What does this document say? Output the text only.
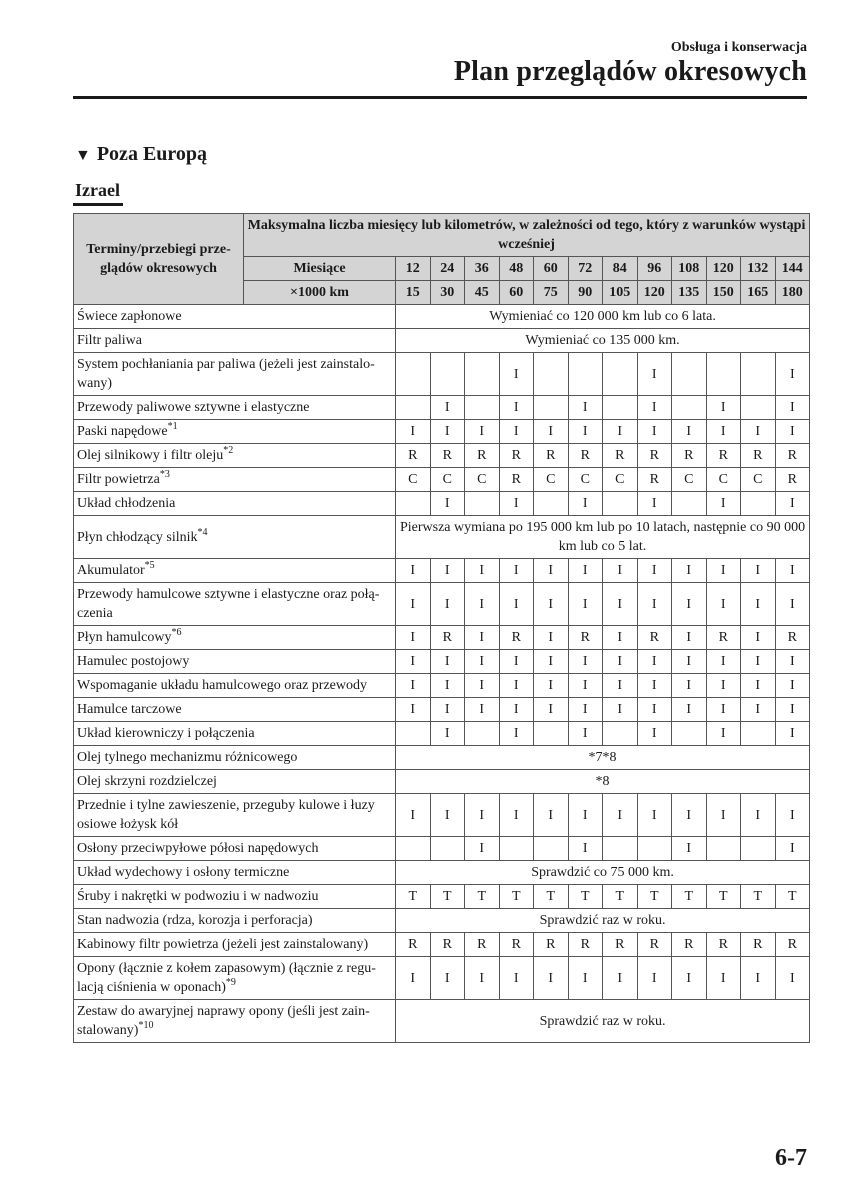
Obsługa i konserwacja
Plan przeglądów okresowych
▼ Poza Europą
Izrael
Terminy/przebiegi prze-glądów okresowych	Maksymalna liczba miesięcy lub kilometrów, w zależności od tego, który z warunków wystąpi wcześniej												
	Miesiące	12	24	36	48	60	72	84	96	108	120	132	144
	×1000 km	15	30	45	60	75	90	105	120	135	150	165	180
Świece zapłonowe		Wymieniać co 120 000 km lub co 6 lata.											
Filtr paliwa		Wymieniać co 135 000 km.											
System pochłaniania par paliwa (jeżeli jest zainstalo-wany)					I				I				I
Przewody paliwowe sztywne i elastyczne			I		I		I		I		I		I
Paski napędowe$^{*1}$		I	I	I	I	I	I	I	I	I	I	I	I
Olej silnikowy i filtr oleju$^{*2}$		R	R	R	R	R	R	R	R	R	R	R	R
Filtr powietrza$^{*3}$		C	C	C	R	C	C	C	R	C	C	C	R
Układ chłodzenia			I		I		I		I		I		I
Płyn chłodzący silnik$^{*4}$		Pierwsza wymiana po 195 000 km lub po 10 latach, następnie co 90 000 km lub co 5 lat.											
Akumulator$^{*5}$		I	I	I	I	I	I	I	I	I	I	I	I
Przewody hamulcowe sztywne i elastyczne oraz połą-czenia		I	I	I	I	I	I	I	I	I	I	I	I
Płyn hamulcowy$^{*6}$		I	R	I	R	I	R	I	R	I	R	I	R
Hamulec postojowy		I	I	I	I	I	I	I	I	I	I	I	I
Wspomaganie układu hamulcowego oraz przewody		I	I	I	I	I	I	I	I	I	I	I	I
Hamulce tarczowe		I	I	I	I	I	I	I	I	I	I	I	I
Układ kierowniczy i połączenia			I		I		I		I		I		I
Olej tylnego mechanizmu różnicowego		*7*8											
Olej skrzyni rozdzielczej		*8											
Przednie i tylne zawieszenie, przeguby kulowe i łuzy osiowe łożysk kół		I	I	I	I	I	I	I	I	I	I	I	I
Osłony przeciwpyłowe półosi napędowych				I			I			I			I
Układ wydechowy i osłony termiczne		Sprawdzić co 75 000 km.											
Śruby i nakrętki w podwoziu i w nadwoziu		T	T	T	T	T	T	T	T	T	T	T	T
Stan nadwozia (rdza, korozja i perforacja)		Sprawdzić raz w roku.											
Kabinowy filtr powietrza (jeżeli jest zainstalowany)		R	R	R	R	R	R	R	R	R	R	R	R
Opony (łącznie z kołem zapasowym) (łącznie z regu-lacją ciśnienia w oponach)$^{*9}$		I	I	I	I	I	I	I	I	I	I	I	I
Zestaw do awaryjnej naprawy opony (jeśli jest zain-stalowany)$^{*10}$		Sprawdzić raz w roku.											
6-7
